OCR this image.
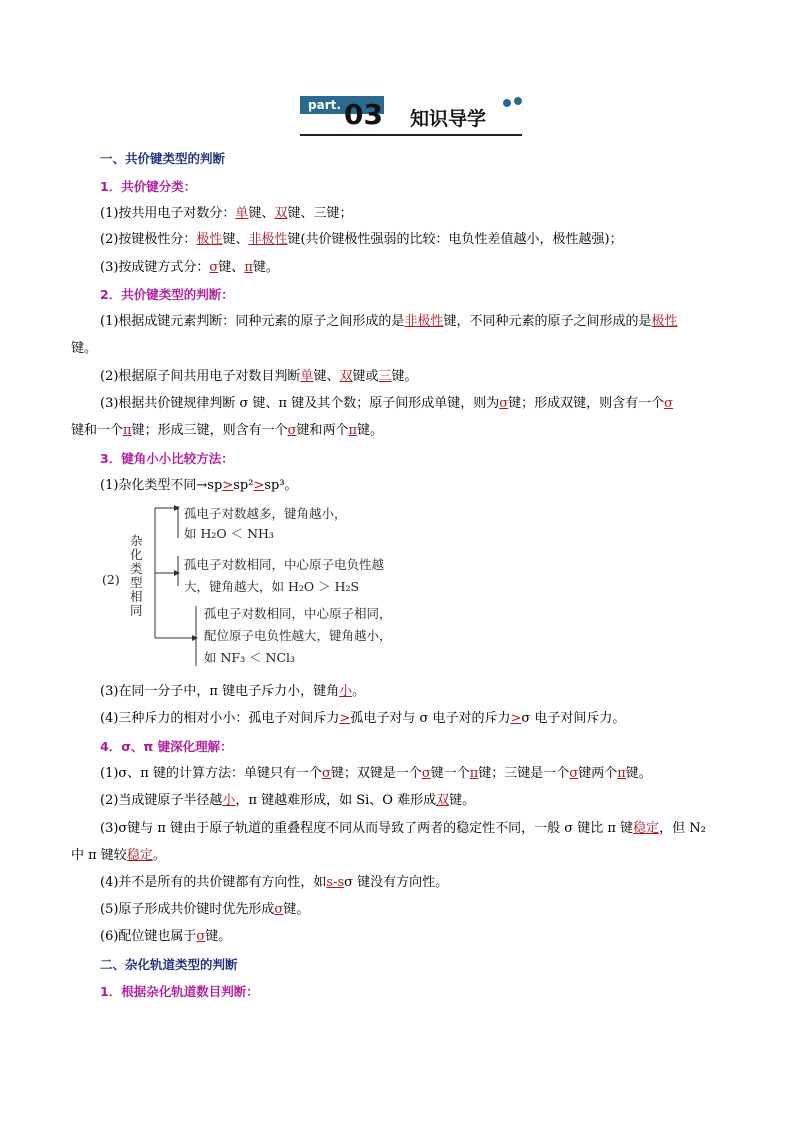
part. 03 知识导学
一、共价键类型的判断
1．共价键分类：
(1)按共用电子对数分：单键、双键、三键；
(2)按键极性分：极性键、非极性键(共价键极性强弱的比较：电负性差值越小，极性越强)；
(3)按成键方式分：σ键、π键。
2．共价键类型的判断：
(1)根据成键元素判断：同种元素的原子之间形成的是非极性键，不同种元素的原子之间形成的是极性
键。
(2)根据原子间共用电子对数目判断单键、双键或三键。
(3)根据共价键规律判断 σ 键、π 键及其个数；原子间形成单键，则为σ键；形成双键，则含有一个σ
键和一个π键；形成三键，则含有一个σ键和两个π键。
3．键角小小比较方法：
(1)杂化类型不同→sp>sp²>sp³。
(2)
杂化类型相同
孤电子对数越多，键角越小，
如 H₂O ＜ NH₃
孤电子对数相同，中心原子电负性越
大，键角越大，如 H₂O ＞ H₂S
孤电子对数相同，中心原子相同，
配位原子电负性越大，键角越小，
如 NF₃ ＜ NCl₃
(3)在同一分子中，π 键电子斥力小，键角小。
(4)三种斥力的相对小小：孤电子对间斥力>孤电子对与 σ 电子对的斥力>σ 电子对间斥力。
4．σ、π 键深化理解：
(1)σ、π 键的计算方法：单键只有一个σ键；双键是一个σ键一个π键；三键是一个σ键两个π键。
(2)当成键原子半径越小，π 键越难形成，如 Si、O 难形成双键。
(3)σ键与 π 键由于原子轨道的重叠程度不同从而导致了两者的稳定性不同，一般 σ 键比 π 键稳定，但 N₂
中 π 键较稳定。
(4)并不是所有的共价键都有方向性，如s-sσ 键没有方向性。
(5)原子形成共价键时优先形成σ键。
(6)配位键也属于σ键。
二、杂化轨道类型的判断
1．根据杂化轨道数目判断：
